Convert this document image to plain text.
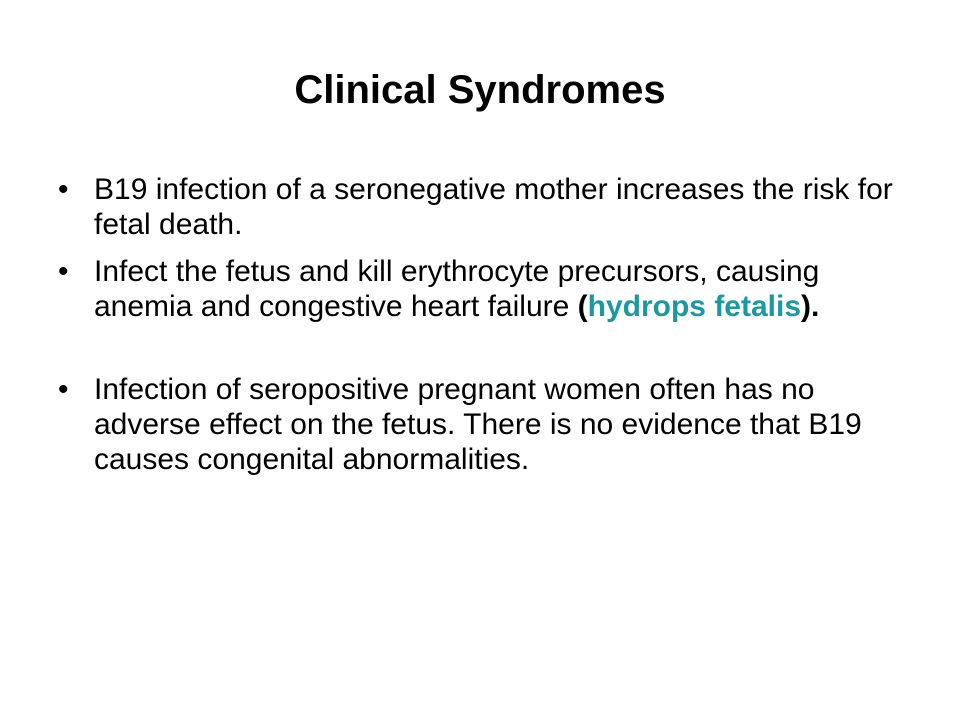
Clinical Syndromes
• B19 infection of a seronegative mother increases the risk for fetal death.
• Infect the fetus and kill erythrocyte precursors, causing anemia and congestive heart failure (hydrops fetalis).
• Infection of seropositive pregnant women often has no adverse effect on the fetus. There is no evidence that B19 causes congenital abnormalities.
